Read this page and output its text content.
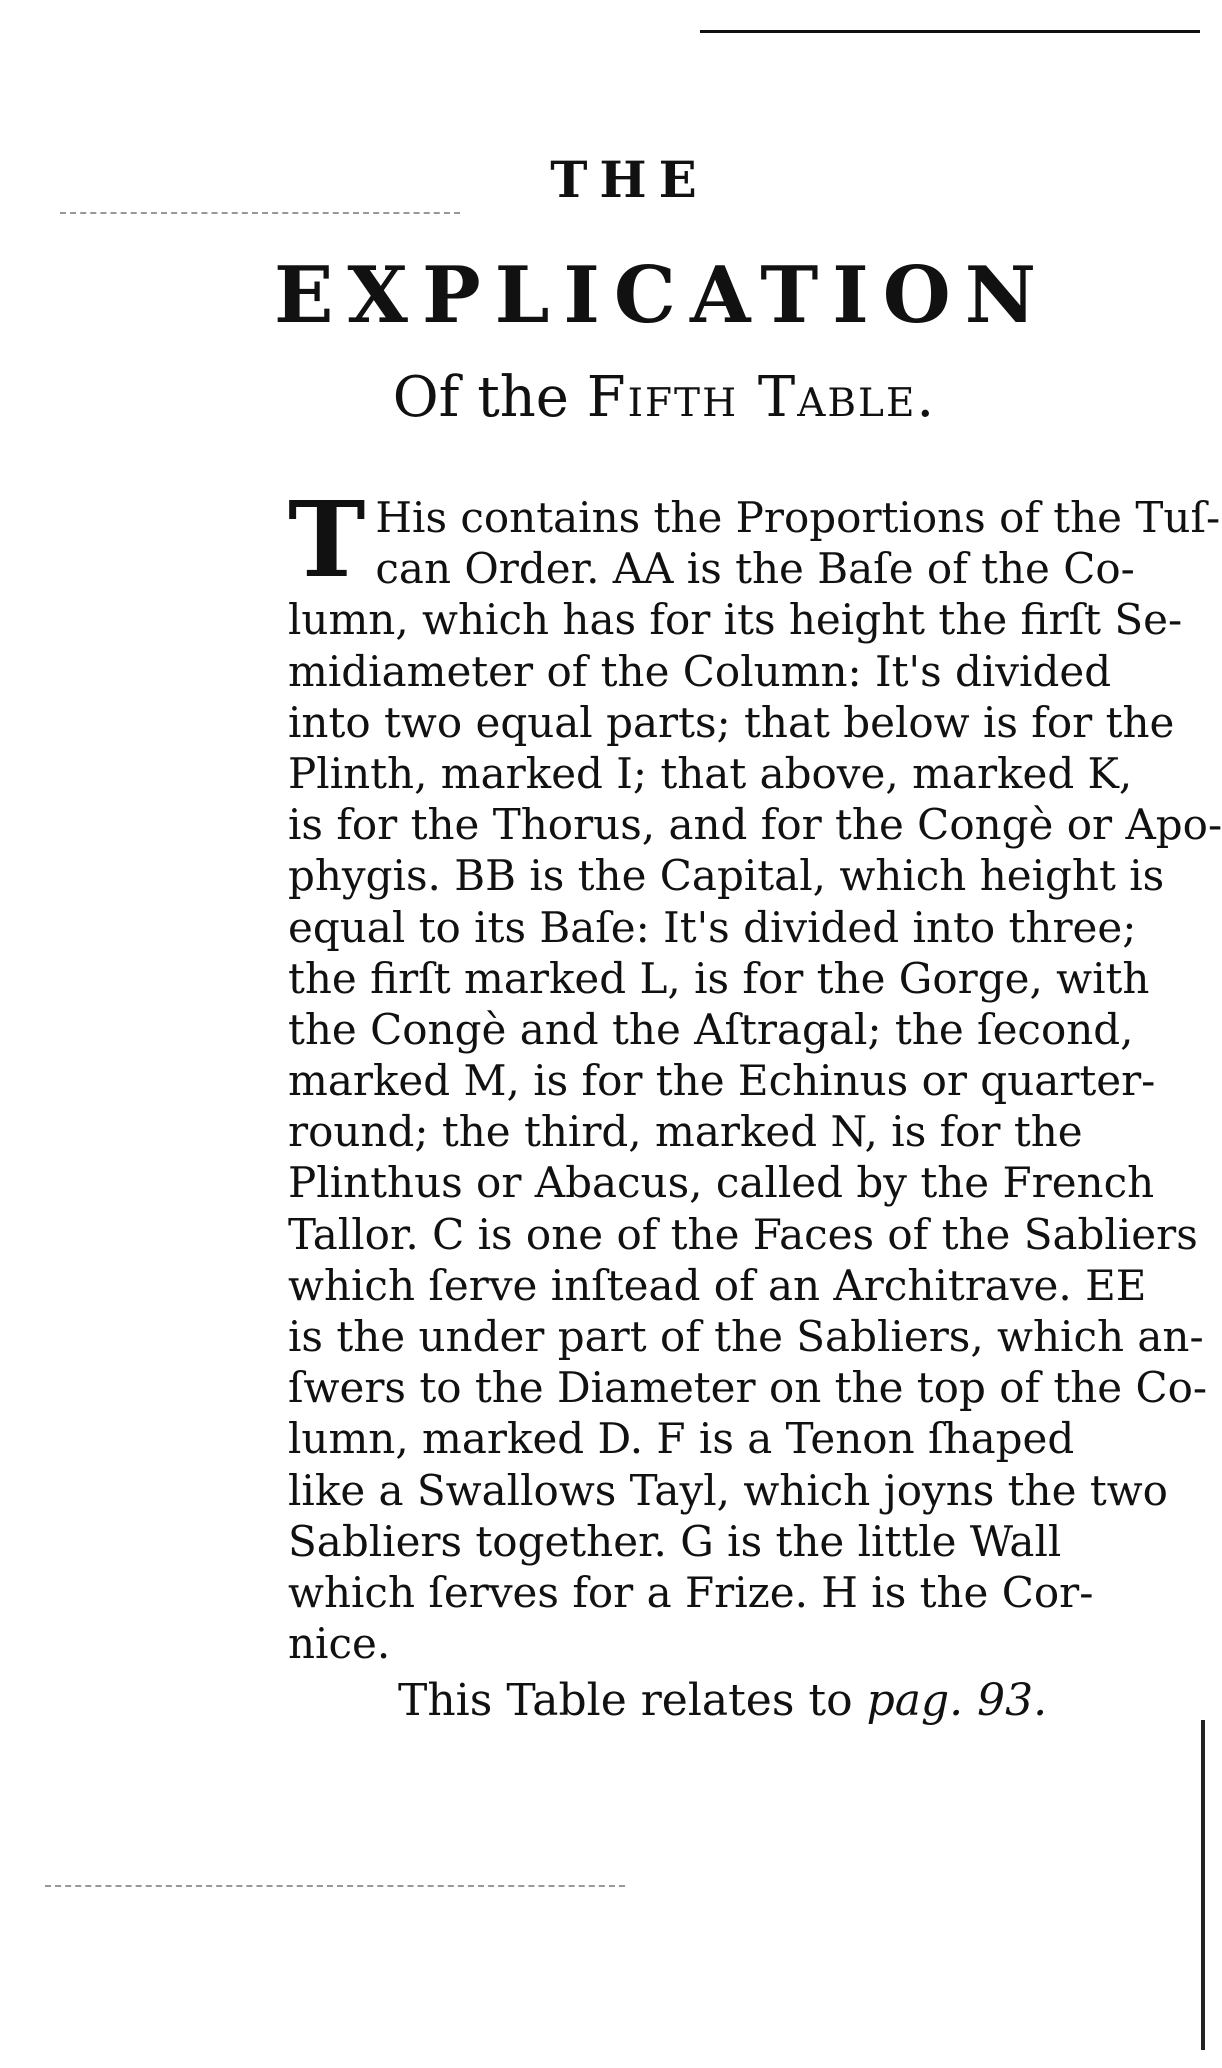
THE
EXPLICATION
Of the Fifth Table.
T His contains the Proportions of the Tuſ-
can Order. AA is the Baſe of the Co-
lumn, which has for its height the firſt Se-
midiameter of the Column: It's divided
into two equal parts; that below is for the
Plinth, marked I; that above, marked K,
is for the Thorus, and for the Congè or Apo-
phygis. BB is the Capital, which height is
equal to its Baſe: It's divided into three;
the firſt marked L, is for the Gorge, with
the Congè and the Aſtragal; the ſecond,
marked M, is for the Echinus or quarter-
round; the third, marked N, is for the
Plinthus or Abacus, called by the French
Tallor. C is one of the Faces of the Sabliers
which ſerve inſtead of an Architrave. EE
is the under part of the Sabliers, which an-
ſwers to the Diameter on the top of the Co-
lumn, marked D. F is a Tenon ſhaped
like a Swallows Tayl, which joyns the two
Sabliers together. G is the little Wall
which ſerves for a Frize. H is the Cor-
nice.
This Table relates to pag. 93.
